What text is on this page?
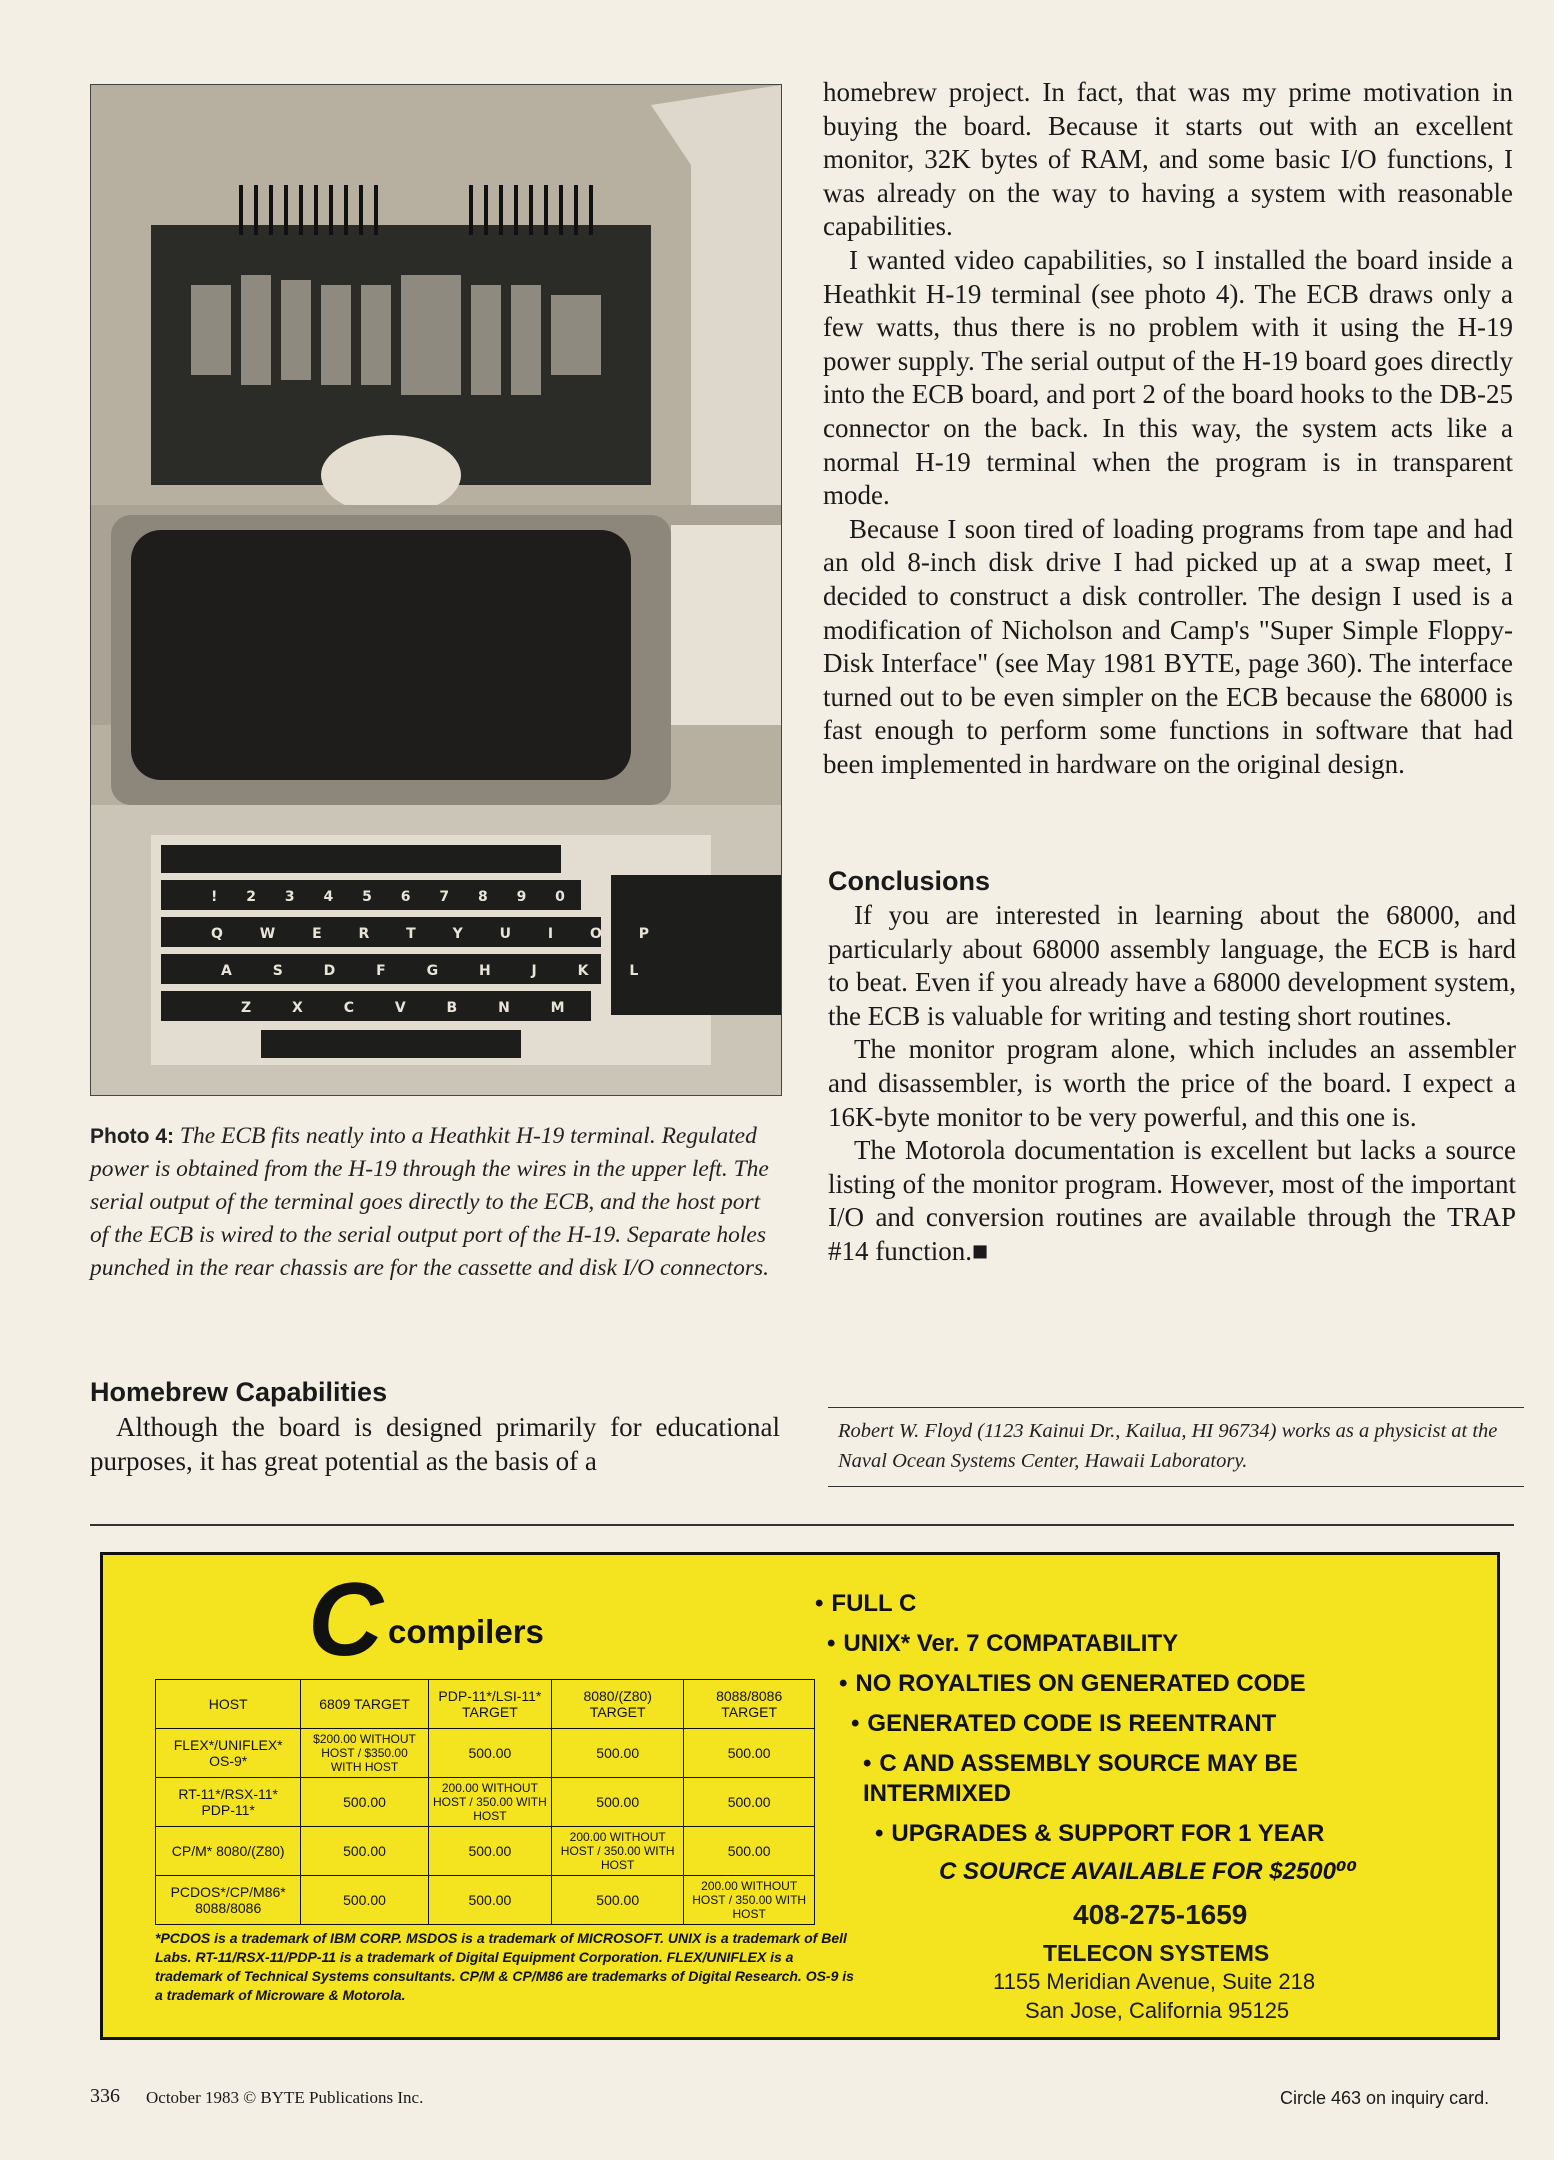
! 2 3 4 5 6 7 8 9 0
Q W E R T Y U I O P
A S D F G H J K L
Z X C V B N M
Photo 4: The ECB fits neatly into a Heathkit H-19 terminal. Regulated power is obtained from the H-19 through the wires in the upper left. The serial output of the terminal goes directly to the ECB, and the host port of the ECB is wired to the serial output port of the H-19. Separate holes punched in the rear chassis are for the cassette and disk I/O connectors.
Homebrew Capabilities

Although the board is designed primarily for educational purposes, it has great potential as the basis of a

homebrew project. In fact, that was my prime motivation in buying the board. Because it starts out with an excellent monitor, 32K bytes of RAM, and some basic I/O functions, I was already on the way to having a system with reasonable capabilities.

I wanted video capabilities, so I installed the board inside a Heathkit H-19 terminal (see photo 4). The ECB draws only a few watts, thus there is no problem with it using the H-19 power supply. The serial output of the H-19 board goes directly into the ECB board, and port 2 of the board hooks to the DB-25 connector on the back. In this way, the system acts like a normal H-19 terminal when the program is in transparent mode.

Because I soon tired of loading programs from tape and had an old 8-inch disk drive I had picked up at a swap meet, I decided to construct a disk controller. The design I used is a modification of Nicholson and Camp's "Super Simple Floppy-Disk Interface" (see May 1981 BYTE, page 360). The interface turned out to be even simpler on the ECB because the 68000 is fast enough to perform some functions in software that had been implemented in hardware on the original design.

Conclusions

If you are interested in learning about the 68000, and particularly about 68000 assembly language, the ECB is hard to beat. Even if you already have a 68000 development system, the ECB is valuable for writing and testing short routines.

The monitor program alone, which includes an assembler and disassembler, is worth the price of the board. I expect a 16K-byte monitor to be very powerful, and this one is.

The Motorola documentation is excellent but lacks a source listing of the monitor program. However, most of the important I/O and conversion routines are available through the TRAP #14 function.■

Robert W. Floyd (1123 Kainui Dr., Kailua, HI 96734) works as a physicist at the Naval Ocean Systems Center, Hawaii Laboratory.
C compilers
HOST	6809 TARGET	PDP-11*/LSI-11* TARGET	8080/(Z80) TARGET	8088/8086 TARGET
FLEX*/UNIFLEX* OS-9*	$200.00 WITHOUT HOST / $350.00 WITH HOST	500.00	500.00	500.00
RT-11*/RSX-11* PDP-11*	500.00	200.00 WITHOUT HOST / 350.00 WITH HOST	500.00	500.00
CP/M* 8080/(Z80)	500.00	500.00	200.00 WITHOUT HOST / 350.00 WITH HOST	500.00
PCDOS*/CP/M86* 8088/8086	500.00	500.00	500.00	200.00 WITHOUT HOST / 350.00 WITH HOST
*PCDOS is a trademark of IBM CORP. MSDOS is a trademark of MICROSOFT. UNIX is a trademark of Bell Labs. RT-11/RSX-11/PDP-11 is a trademark of Digital Equipment Corporation. FLEX/UNIFLEX is a trademark of Technical Systems consultants. CP/M & CP/M86 are trademarks of Digital Research. OS-9 is a trademark of Microware & Motorola.
• FULL C
• UNIX* Ver. 7 COMPATABILITY
• NO ROYALTIES ON GENERATED CODE
• GENERATED CODE IS REENTRANT
• C AND ASSEMBLY SOURCE MAY BE INTERMIXED
• UPGRADES & SUPPORT FOR 1 YEAR
C SOURCE AVAILABLE FOR $2500⁰⁰
408-275-1659
TELECON SYSTEMS
1155 Meridian Avenue, Suite 218
San Jose, California 95125
336 October 1983 © BYTE Publications Inc.	Circle 463 on inquiry card.
